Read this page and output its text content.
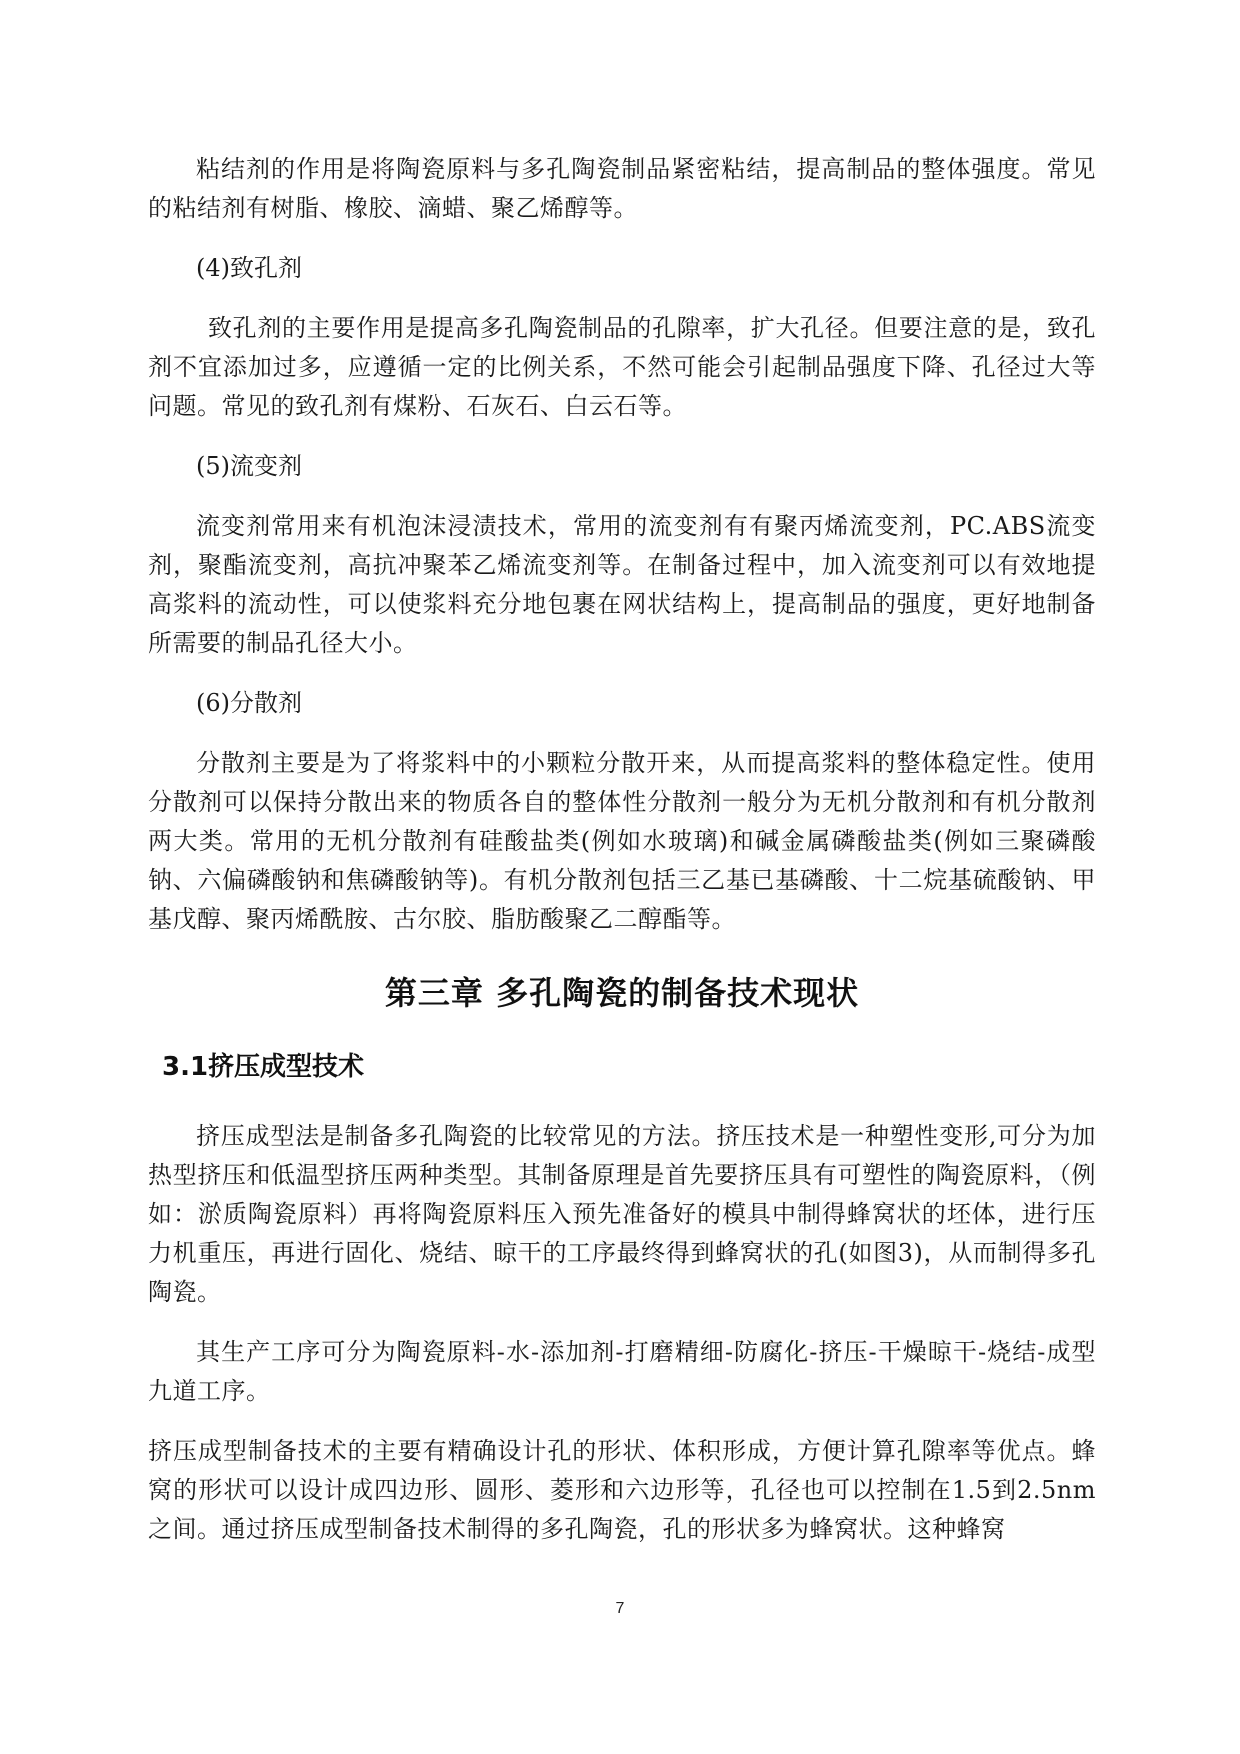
粘结剂的作用是将陶瓷原料与多孔陶瓷制品紧密粘结，提高制品的整体强度。常见的粘结剂有树脂、橡胶、滴蜡、聚乙烯醇等。

(4)致孔剂

致孔剂的主要作用是提高多孔陶瓷制品的孔隙率，扩大孔径。但要注意的是，致孔剂不宜添加过多，应遵循一定的比例关系，不然可能会引起制品强度下降、孔径过大等问题。常见的致孔剂有煤粉、石灰石、白云石等。

(5)流变剂

流变剂常用来有机泡沫浸渍技术，常用的流变剂有有聚丙烯流变剂，PC.ABS流变剂，聚酯流变剂，高抗冲聚苯乙烯流变剂等。在制备过程中，加入流变剂可以有效地提高浆料的流动性，可以使浆料充分地包裹在网状结构上，提高制品的强度，更好地制备所需要的制品孔径大小。

(6)分散剂

分散剂主要是为了将浆料中的小颗粒分散开来，从而提高浆料的整体稳定性。使用分散剂可以保持分散出来的物质各自的整体性分散剂一般分为无机分散剂和有机分散剂两大类。常用的无机分散剂有硅酸盐类(例如水玻璃)和碱金属磷酸盐类(例如三聚磷酸钠、六偏磷酸钠和焦磷酸钠等)。有机分散剂包括三乙基已基磷酸、十二烷基硫酸钠、甲基戊醇、聚丙烯酰胺、古尔胶、脂肪酸聚乙二醇酯等。

第三章 多孔陶瓷的制备技术现状
3.1挤压成型技术

挤压成型法是制备多孔陶瓷的比较常见的方法。挤压技术是一种塑性变形,可分为加热型挤压和低温型挤压两种类型。其制备原理是首先要挤压具有可塑性的陶瓷原料，（例如：淤质陶瓷原料）再将陶瓷原料压入预先准备好的模具中制得蜂窝状的坯体，进行压力机重压，再进行固化、烧结、晾干的工序最终得到蜂窝状的孔(如图3)，从而制得多孔陶瓷。

其生产工序可分为陶瓷原料-水-添加剂-打磨精细-防腐化-挤压-干燥晾干-烧结-成型九道工序。

挤压成型制备技术的主要有精确设计孔的形状、体积形成，方便计算孔隙率等优点。蜂窝的形状可以设计成四边形、圆形、菱形和六边形等，孔径也可以控制在1.5到2.5nm之间。通过挤压成型制备技术制得的多孔陶瓷，孔的形状多为蜂窝状。这种蜂窝

7
